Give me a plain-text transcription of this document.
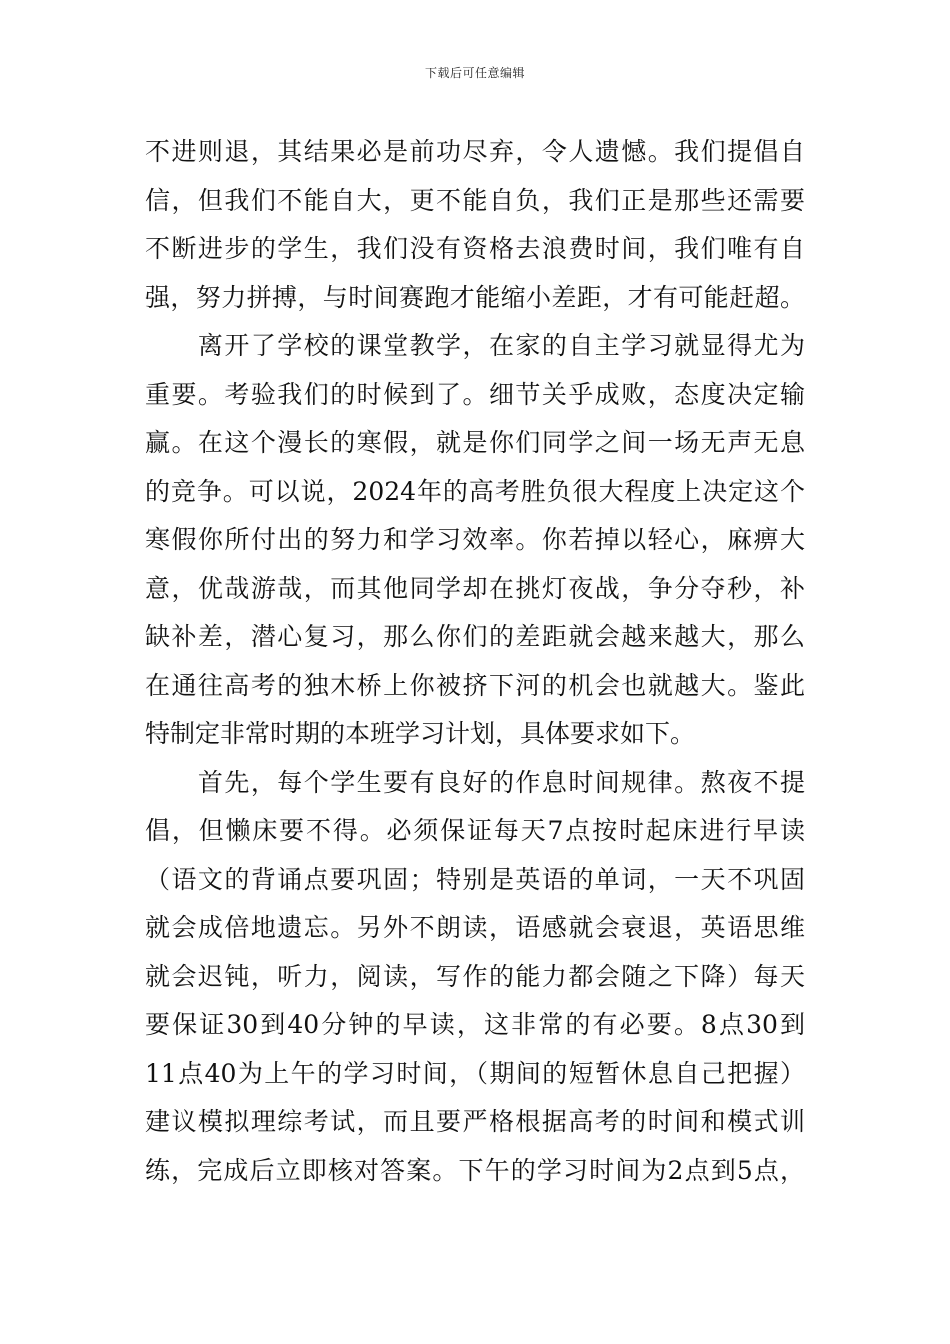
下载后可任意编辑
不进则退，其结果必是前功尽弃，令人遗憾。我们提倡自
信，但我们不能自大，更不能自负，我们正是那些还需要
不断进步的学生，我们没有资格去浪费时间，我们唯有自
强，努力拼搏，与时间赛跑才能缩小差距，才有可能赶超。
　　离开了学校的课堂教学，在家的自主学习就显得尤为
重要。考验我们的时候到了。细节关乎成败，态度决定输
赢。在这个漫长的寒假，就是你们同学之间一场无声无息
的竞争。可以说，2024年的高考胜负很大程度上决定这个
寒假你所付出的努力和学习效率。你若掉以轻心，麻痹大
意，优哉游哉，而其他同学却在挑灯夜战，争分夺秒，补
缺补差，潜心复习，那么你们的差距就会越来越大，那么
在通往高考的独木桥上你被挤下河的机会也就越大。鉴此
特制定非常时期的本班学习计划，具体要求如下。
　　首先，每个学生要有良好的作息时间规律。熬夜不提
倡，但懒床要不得。必须保证每天7点按时起床进行早读
（语文的背诵点要巩固；特别是英语的单词，一天不巩固
就会成倍地遗忘。另外不朗读，语感就会衰退，英语思维
就会迟钝，听力，阅读，写作的能力都会随之下降）每天
要保证30到40分钟的早读，这非常的有必要。8点30到
11点40为上午的学习时间，（期间的短暂休息自己把握）
建议模拟理综考试，而且要严格根据高考的时间和模式训
练，完成后立即核对答案。下午的学习时间为2点到5点，
